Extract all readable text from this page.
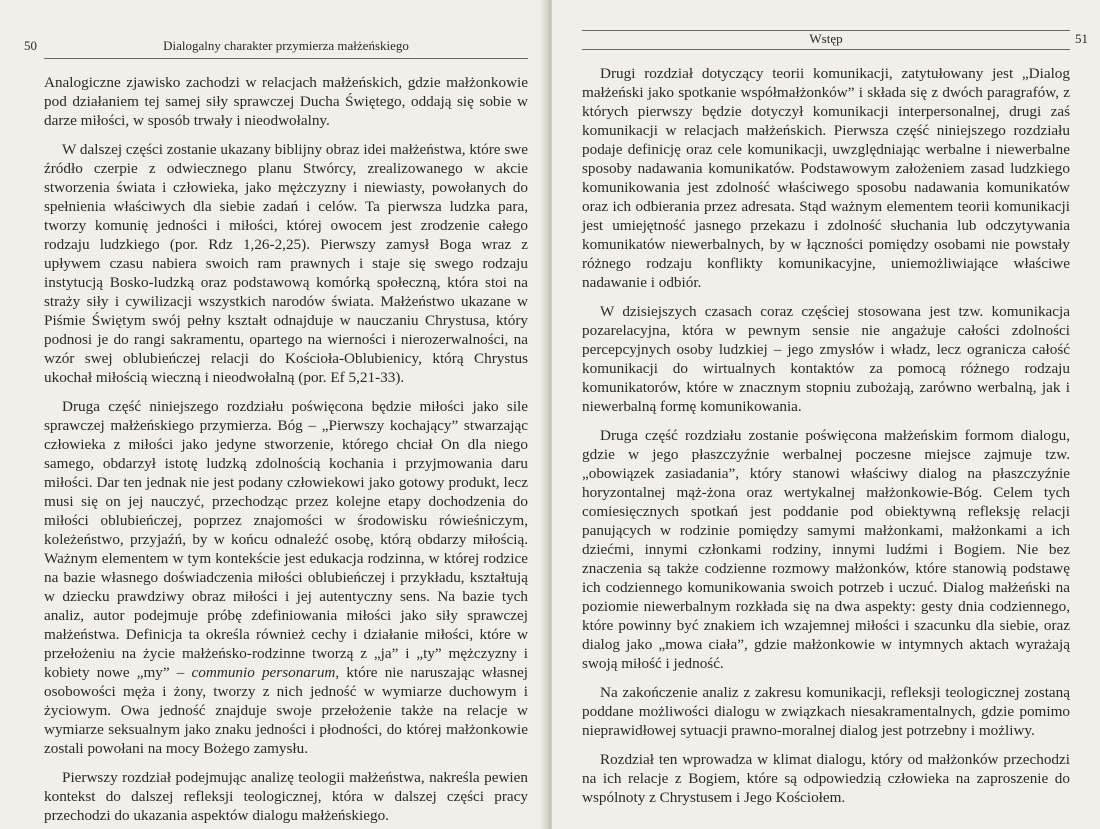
50	Dialogalny charakter przymierza małżeńskiego

Analogiczne zjawisko zachodzi w relacjach małżeńskich, gdzie małżonkowie pod działaniem tej samej siły sprawczej Ducha Świętego, oddają się sobie w darze miłości, w sposób trwały i nieodwołalny.

W dalszej części zostanie ukazany biblijny obraz idei małżeństwa, które swe źródło czerpie z odwiecznego planu Stwórcy, zrealizowanego w akcie stworzenia świata i człowieka, jako mężczyzny i niewiasty, powołanych do spełnienia właściwych dla siebie zadań i celów. Ta pierwsza ludzka para, tworzy komunię jedności i miłości, której owocem jest zrodzenie całego rodzaju ludzkiego (por. Rdz 1,26-2,25). Pierwszy zamysł Boga wraz z upływem czasu nabiera swoich ram prawnych i staje się swego rodzaju instytucją Bosko-ludzką oraz podstawową komórką społeczną, która stoi na straży siły i cywilizacji wszystkich narodów świata. Małżeństwo ukazane w Piśmie Świętym swój pełny kształt odnajduje w nauczaniu Chrystusa, który podnosi je do rangi sakramentu, opartego na wierności i nierozerwalności, na wzór swej oblubieńczej relacji do Kościoła-Oblubienicy, którą Chrystus ukochał miłością wieczną i nieodwołalną (por. Ef 5,21-33).

Druga część niniejszego rozdziału poświęcona będzie miłości jako sile sprawczej małżeńskiego przymierza. Bóg – „Pierwszy kochający” stwarzając człowieka z miłości jako jedyne stworzenie, którego chciał On dla niego samego, obdarzył istotę ludzką zdolnością kochania i przyjmowania daru miłości. Dar ten jednak nie jest podany człowiekowi jako gotowy produkt, lecz musi się on jej nauczyć, przechodząc przez kolejne etapy dochodzenia do miłości oblubieńczej, poprzez znajomości w środowisku rówieśniczym, koleżeństwo, przyjaźń, by w końcu odnaleźć osobę, którą obdarzy miłością. Ważnym elementem w tym kontekście jest edukacja rodzinna, w której rodzice na bazie własnego doświadczenia miłości oblubieńczej i przykładu, kształtują w dziecku prawdziwy obraz miłości i jej autentyczny sens. Na bazie tych analiz, autor podejmuje próbę zdefiniowania miłości jako siły sprawczej małżeństwa. Definicja ta określa również cechy i działanie miłości, które w przełożeniu na życie małżeńsko-rodzinne tworzą z „ja” i „ty” mężczyzny i kobiety nowe „my” – communio personarum, które nie naruszając własnej osobowości męża i żony, tworzy z nich jedność w wymiarze duchowym i życiowym. Owa jedność znajduje swoje przełożenie także na relacje w wymiarze seksualnym jako znaku jedności i płodności, do której małżonkowie zostali powołani na mocy Bożego zamysłu.

Pierwszy rozdział podejmując analizę teologii małżeństwa, nakreśla pewien kontekst do dalszej refleksji teologicznej, która w dalszej części pracy przechodzi do ukazania aspektów dialogu małżeńskiego.

Wstęp	51

Drugi rozdział dotyczący teorii komunikacji, zatytułowany jest „Dialog małżeński jako spotkanie współmałżonków” i składa się z dwóch paragrafów, z których pierwszy będzie dotyczył komunikacji interpersonalnej, drugi zaś komunikacji w relacjach małżeńskich. Pierwsza część niniejszego rozdziału podaje definicję oraz cele komunikacji, uwzględniając werbalne i niewerbalne sposoby nadawania komunikatów. Podstawowym założeniem zasad ludzkiego komunikowania jest zdolność właściwego sposobu nadawania komunikatów oraz ich odbierania przez adresata. Stąd ważnym elementem teorii komunikacji jest umiejętność jasnego przekazu i zdolność słuchania lub odczytywania komunikatów niewerbalnych, by w łączności pomiędzy osobami nie powstały różnego rodzaju konflikty komunikacyjne, uniemożliwiające właściwe nadawanie i odbiór.

W dzisiejszych czasach coraz częściej stosowana jest tzw. komunikacja pozarelacyjna, która w pewnym sensie nie angażuje całości zdolności percepcyjnych osoby ludzkiej – jego zmysłów i władz, lecz ogranicza całość komunikacji do wirtualnych kontaktów za pomocą różnego rodzaju komunikatorów, które w znacznym stopniu zubożają, zarówno werbalną, jak i niewerbalną formę komunikowania.

Druga część rozdziału zostanie poświęcona małżeńskim formom dialogu, gdzie w jego płaszczyźnie werbalnej poczesne miejsce zajmuje tzw. „obowiązek zasiadania”, który stanowi właściwy dialog na płaszczyźnie horyzontalnej mąż-żona oraz wertykalnej małżonkowie-Bóg. Celem tych comiesięcznych spotkań jest poddanie pod obiektywną refleksję relacji panujących w rodzinie pomiędzy samymi małżonkami, małżonkami a ich dziećmi, innymi członkami rodziny, innymi ludźmi i Bogiem. Nie bez znaczenia są także codzienne rozmowy małżonków, które stanowią podstawę ich codziennego komunikowania swoich potrzeb i uczuć. Dialog małżeński na poziomie niewerbalnym rozkłada się na dwa aspekty: gesty dnia codziennego, które powinny być znakiem ich wzajemnej miłości i szacunku dla siebie, oraz dialog jako „mowa ciała”, gdzie małżonkowie w intymnych aktach wyrażają swoją miłość i jedność.

Na zakończenie analiz z zakresu komunikacji, refleksji teologicznej zostaną poddane możliwości dialogu w związkach niesakramentalnych, gdzie pomimo nieprawidłowej sytuacji prawno-moralnej dialog jest potrzebny i możliwy.

Rozdział ten wprowadza w klimat dialogu, który od małżonków przechodzi na ich relacje z Bogiem, które są odpowiedzią człowieka na zaproszenie do wspólnoty z Chrystusem i Jego Kościołem.
